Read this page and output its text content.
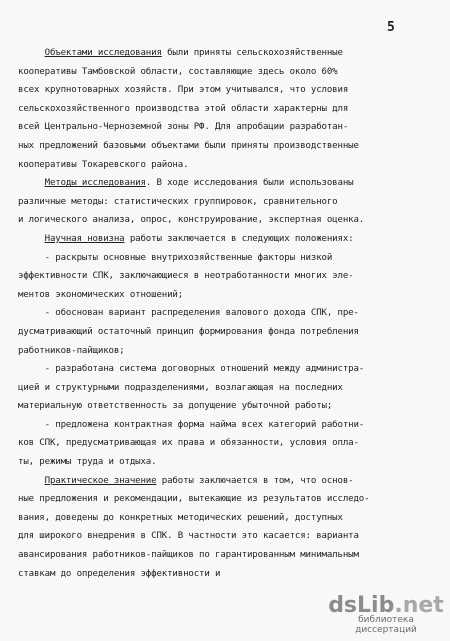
5
Объектами исследования были приняты сельскохозяйственные
кооперативы Тамбовской области, составляющие здесь около 60%
всех крупнотоварных хозяйств. При этом учитывался, что условия
сельскохозяйственного производства этой области характерны для
всей Центрально-Черноземной зоны РФ. Для апробации разработан-
ных предложений базовыми объектами были приняты производственные
кооперативы Токаревского района.
Методы исследования. В ходе исследования были использованы
различные методы: статистических группировок, сравнительного
и логического анализа, опрос, конструирование, экспертная оценка.
Научная новизна работы заключается в следующих положениях:
- раскрыты основные внутрихозяйственные факторы низкой
эффективности СПК, заключающиеся в неотработанности многих эле-
ментов экономических отношений;
- обоснован вариант распределения валового дохода СПК, пре-
дусматривающий остаточный принцип формирования фонда потребления
работников-пайщиков;
- разработана система договорных отношений между администра-
цией и структурными подразделениями, возлагающая на последних
материальную ответственность за допущение убыточной работы;
- предложена контрактная форма найма всех категорий работни-
ков СПК, предусматривающая их права и обязанности, условия опла-
ты, режимы труда и отдыха.
Практическое значение работы заключается в том, что основ-
ные предложения и рекомендации, вытекающие из результатов исследо-
вания, доведены до конкретных методических решений, доступных
для широкого внедрения в СПК. В частности это касается: варианта
авансирования работников-пайщиков по гарантированным минимальным
ставкам до определения эффективности и
dsLib .net
библиотека диссертаций
